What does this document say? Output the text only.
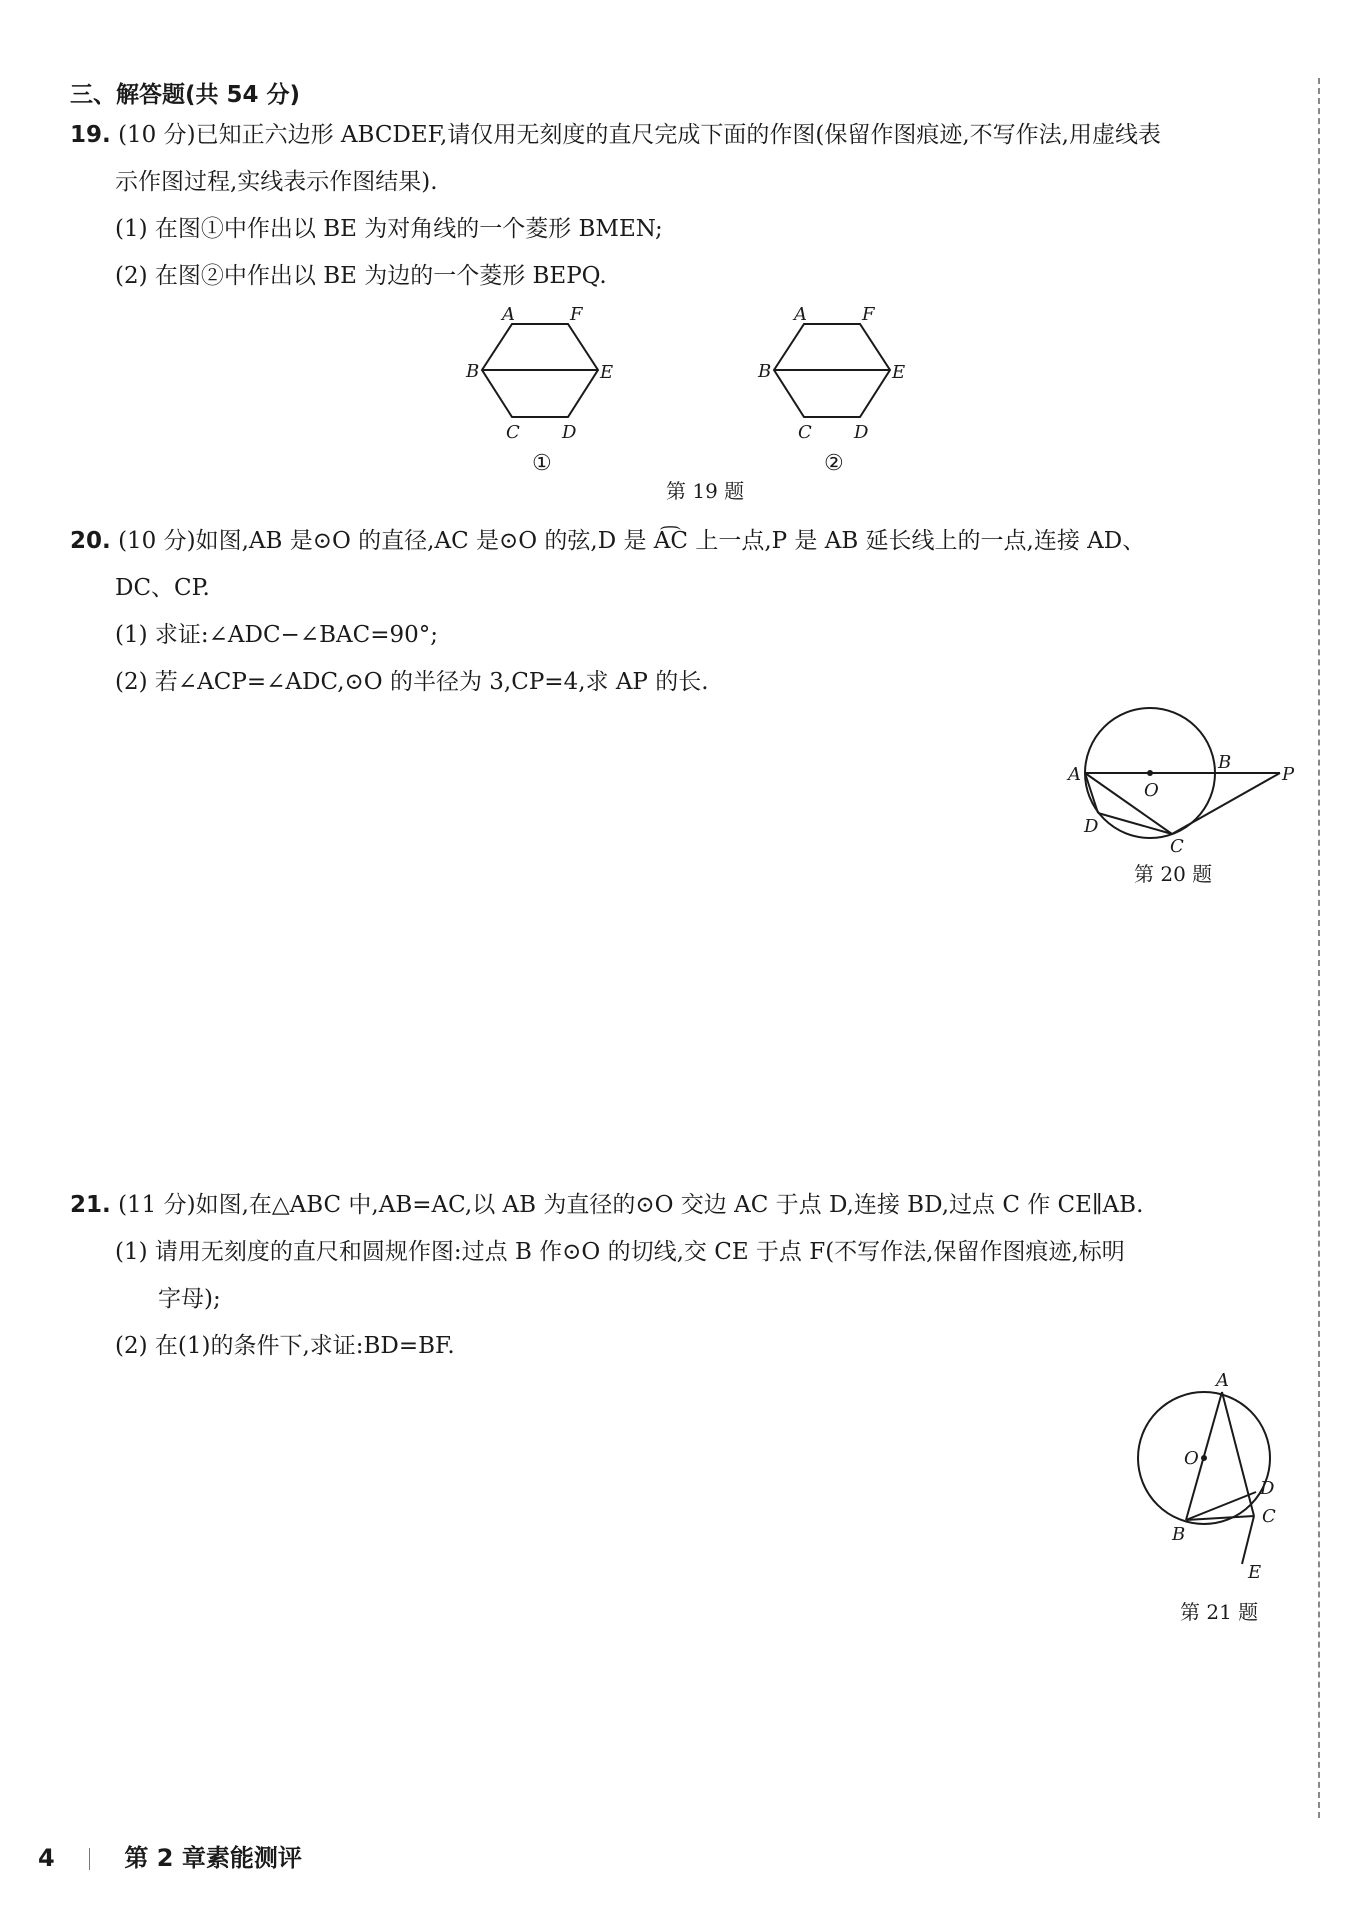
三、解答题(共 54 分)
19. (10 分)已知正六边形 ABCDEF,请仅用无刻度的直尺完成下面的作图(保留作图痕迹,不写作法,用虚线表
示作图过程,实线表示作图结果).
(1) 在图①中作出以 BE 为对角线的一个菱形 BMEN;
(2) 在图②中作出以 BE 为边的一个菱形 BEPQ.
A	F
B	E
C D
①
A	F
B	E
C D
②
第 19 题
20. (10 分)如图,AB 是⊙O 的直径,AC 是⊙O 的弦,D 是 A͡C 上一点,P 是 AB 延长线上的一点,连接 AD、
DC、CP.
(1) 求证:∠ADC−∠BAC=90°;
(2) 若∠ACP=∠ADC,⊙O 的半径为 3,CP=4,求 AP 的长.
A
O
B
P
D
C
第 20 题
21. (11 分)如图,在△ABC 中,AB=AC,以 AB 为直径的⊙O 交边 AC 于点 D,连接 BD,过点 C 作 CE∥AB.
(1) 请用无刻度的直尺和圆规作图:过点 B 作⊙O 的切线,交 CE 于点 F(不写作法,保留作图痕迹,标明
字母);
(2) 在(1)的条件下,求证:BD=BF.
A
O
D
C
B
E
第 21 题
4	第 2 章素能测评
